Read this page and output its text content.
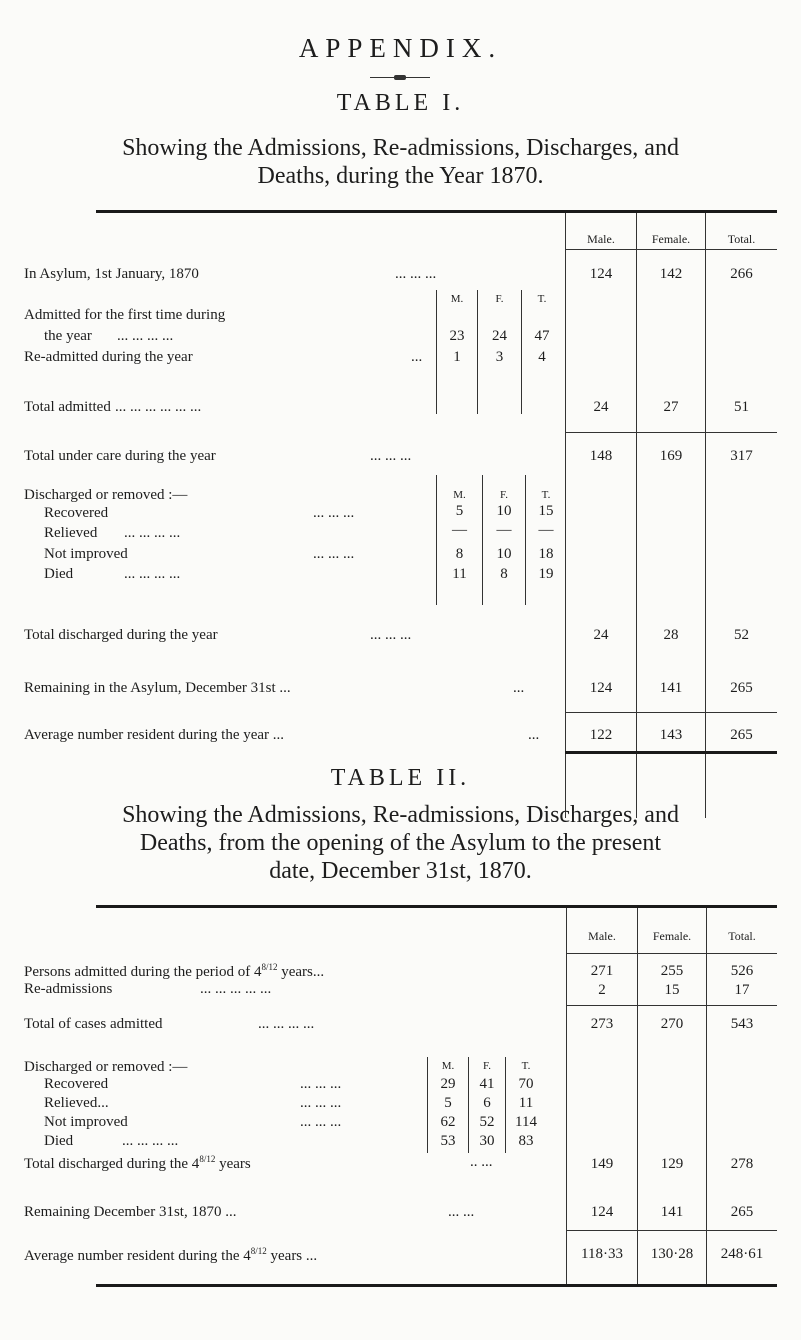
APPENDIX.
TABLE I.
Showing the Admissions, Re-admissions, Discharges, and
Deaths, during the Year 1870.
Male.	Female.	Total.
In Asylum, 1st January, 1870	... ... ...	124	142	266
M.	F.	T.
Admitted for the first time during
the year ... ... ... ...	23	24	47
Re-admitted during the year	...	1	3	4
Total admitted ... ... ... ... ... ...	24	27	51
Total under care during the year	... ... ...	148	169	317
Discharged or removed :—	M.	F.	T.
Recovered	... ... ...	5	10	15
Relieved ... ... ... ...	—	—	—
Not improved	... ... ...	8	10	18
Died	... ... ... ...	11	8	19
Total discharged during the year	... ... ...	24	28	52
Remaining in the Asylum, December 31st ...	...	124	141	265
Average number resident during the year ...	...	122	143	265
TABLE II.
Showing the Admissions, Re-admissions, Discharges, and
Deaths, from the opening of the Asylum to the present
date, December 31st, 1870.
Male.	Female.	Total.
Persons admitted during the period of $4^{8/12}$ years...	271	255	526
Re-admissions	... ... ... ... ...	2	15	17
Total of cases admitted	... ... ... ...	273	270	543
Discharged or removed :—	M.	F.	T.
Recovered	... ... ...	29	41	70
Relieved...	... ... ...	5	6	11
Not improved	... ... ...	62	52	114
Died	... ... ... ...	53	30	83
Total discharged during the $4^{8/12}$ years	.. ...	149	129	278
Remaining December 31st, 1870 ...	... ...	124	141	265
Average number resident during the $4^{8/12}$ years ...	118·33	130·28	248·61
